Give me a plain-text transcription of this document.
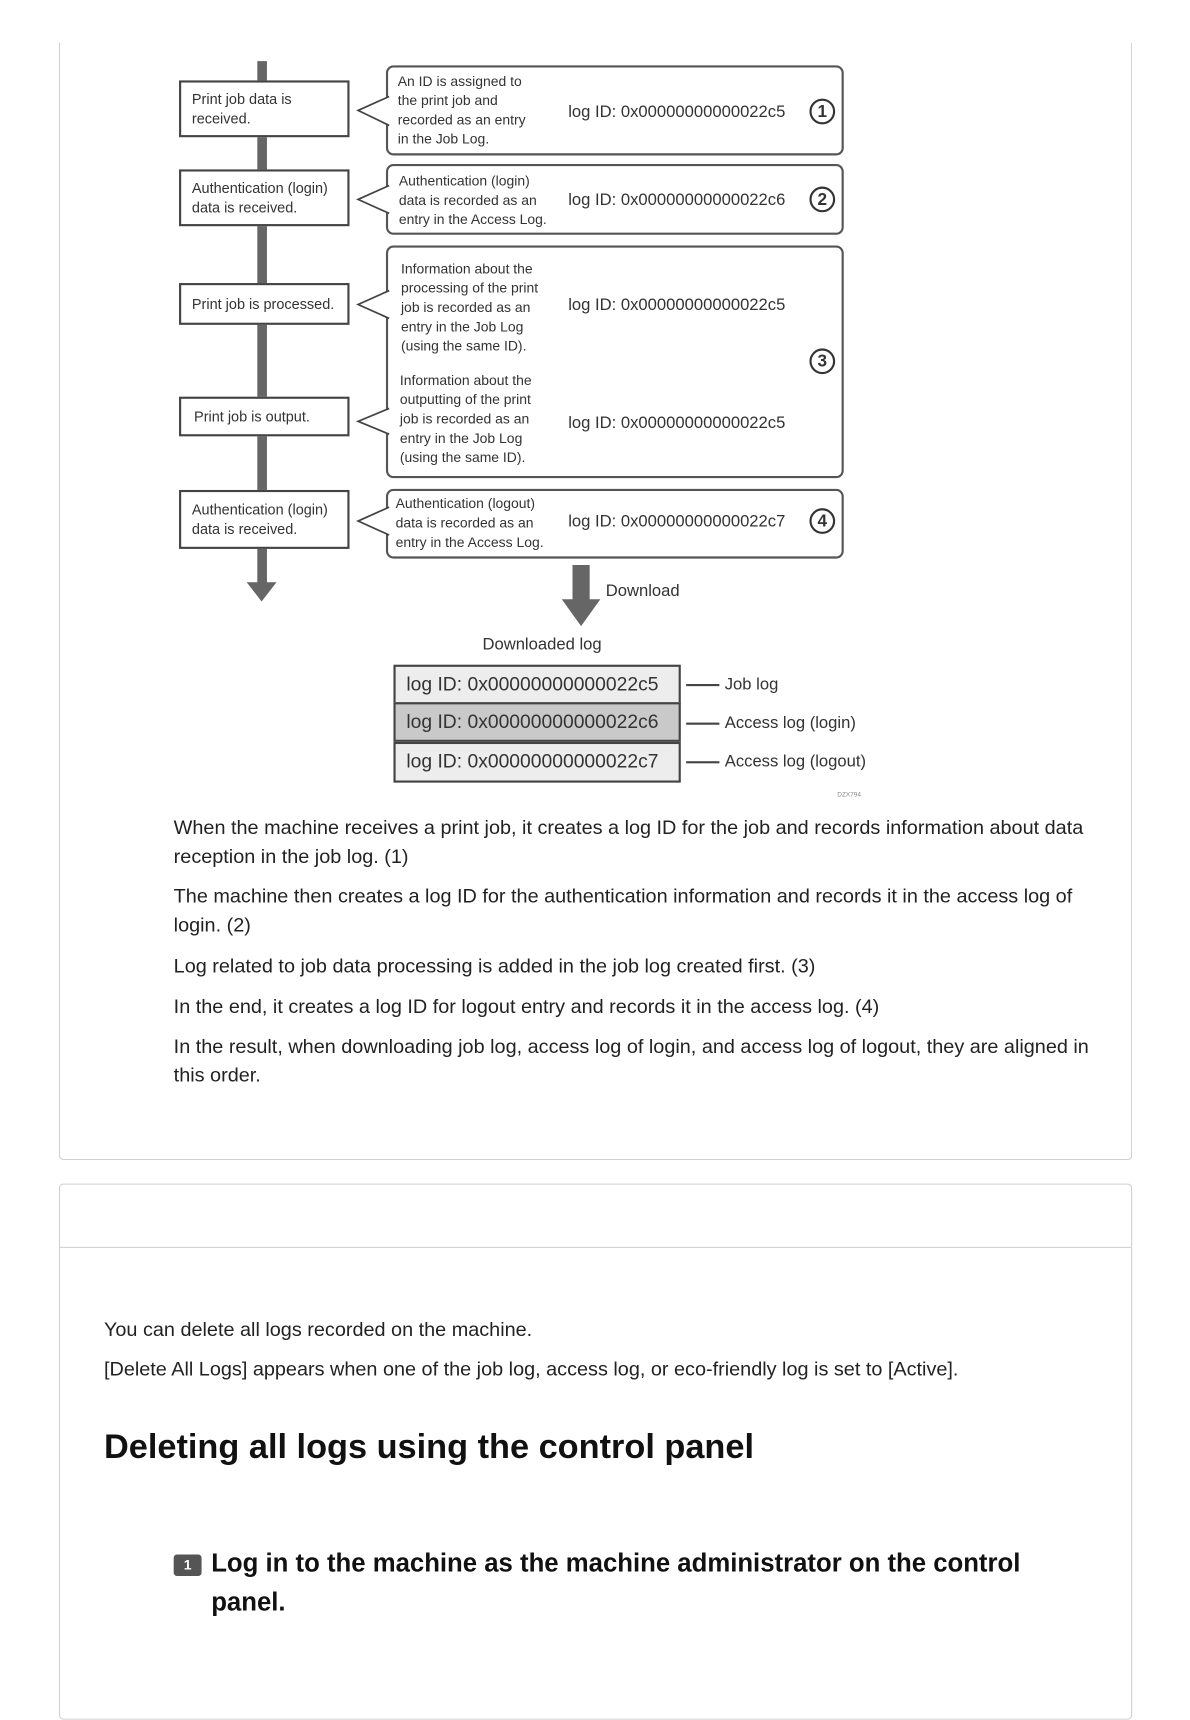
Print job data is received.
Authentication (login) data is received.
Print job is processed.
Print job is output.
Authentication (login) data is received.
An ID is assigned to
the print job and
recorded as an entry
in the Job Log.
Authentication (login)
data is recorded as an
entry in the Access Log.
Information about the
processing of the print
job is recorded as an
entry in the Job Log
(using the same ID).
Information about the
outputting of the print
job is recorded as an
entry in the Job Log
(using the same ID).
Authentication (logout)
data is recorded as an
entry in the Access Log.
log ID: 0x00000000000022c5
log ID: 0x00000000000022c6
log ID: 0x00000000000022c5
log ID: 0x00000000000022c5
log ID: 0x00000000000022c7
1
2
3
4
Download
Downloaded log
log ID: 0x00000000000022c5
log ID: 0x00000000000022c6
log ID: 0x00000000000022c7
Job log
Access log (login)
Access log (logout)
DZX794
When the machine receives a print job, it creates a log ID for the job and records information about data reception in the job log. (1)
The machine then creates a log ID for the authentication information and records it in the access log of login. (2)
Log related to job data processing is added in the job log created first. (3)
In the end, it creates a log ID for logout entry and records it in the access log. (4)
In the result, when downloading job log, access log of login, and access log of logout, they are aligned in this order.
You can delete all logs recorded on the machine.
[Delete All Logs] appears when one of the job log, access log, or eco-friendly log is set to [Active].
Deleting all logs using the control panel
1 Log in to the machine as the machine administrator on the control panel.
